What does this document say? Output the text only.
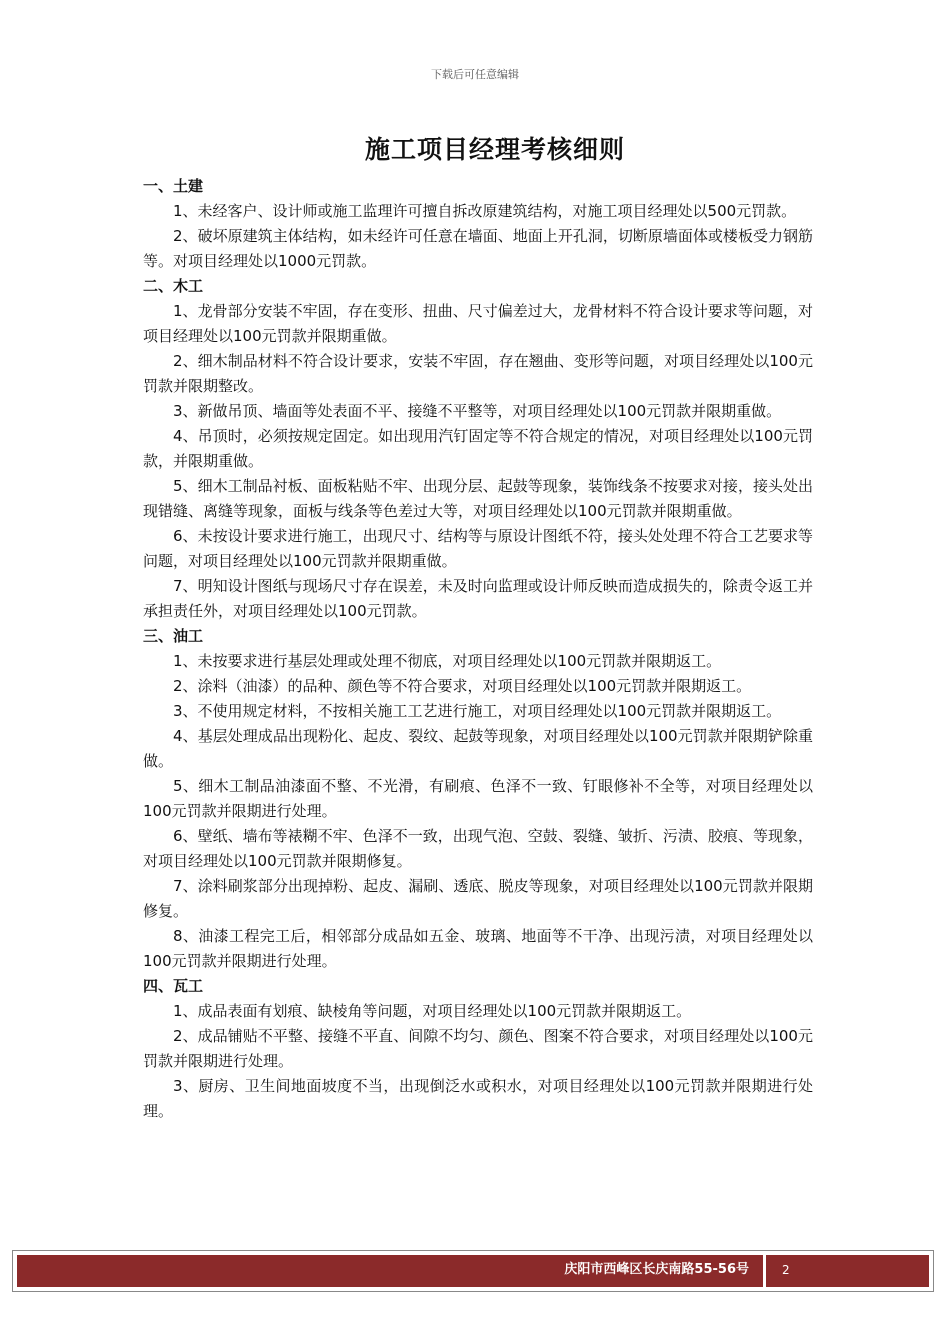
下载后可任意编辑
施工项目经理考核细则

一、土建

1、未经客户、设计师或施工监理许可擅自拆改原建筑结构，对施工项目经理处以500元罚款。

2、破坏原建筑主体结构，如未经许可任意在墙面、地面上开孔洞，切断原墙面体或楼板受力钢筋等。对项目经理处以1000元罚款。

二、木工

1、龙骨部分安装不牢固，存在变形、扭曲、尺寸偏差过大，龙骨材料不符合设计要求等问题，对项目经理处以100元罚款并限期重做。

2、细木制品材料不符合设计要求，安装不牢固，存在翘曲、变形等问题，对项目经理处以100元罚款并限期整改。

3、新做吊顶、墙面等处表面不平、接缝不平整等，对项目经理处以100元罚款并限期重做。

4、吊顶时，必须按规定固定。如出现用汽钉固定等不符合规定的情况，对项目经理处以100元罚款，并限期重做。

5、细木工制品衬板、面板粘贴不牢、出现分层、起鼓等现象，装饰线条不按要求对接，接头处出现错缝、离缝等现象，面板与线条等色差过大等，对项目经理处以100元罚款并限期重做。

6、未按设计要求进行施工，出现尺寸、结构等与原设计图纸不符，接头处处理不符合工艺要求等问题，对项目经理处以100元罚款并限期重做。

7、明知设计图纸与现场尺寸存在误差，未及时向监理或设计师反映而造成损失的，除责令返工并承担责任外，对项目经理处以100元罚款。

三、油工

1、未按要求进行基层处理或处理不彻底，对项目经理处以100元罚款并限期返工。

2、涂料（油漆）的品种、颜色等不符合要求，对项目经理处以100元罚款并限期返工。

3、不使用规定材料，不按相关施工工艺进行施工，对项目经理处以100元罚款并限期返工。

4、基层处理成品出现粉化、起皮、裂纹、起鼓等现象，对项目经理处以100元罚款并限期铲除重做。

5、细木工制品油漆面不整、不光滑，有刷痕、色泽不一致、钉眼修补不全等，对项目经理处以100元罚款并限期进行处理。

6、壁纸、墙布等裱糊不牢、色泽不一致，出现气泡、空鼓、裂缝、皱折、污渍、胶痕、等现象，对项目经理处以100元罚款并限期修复。

7、涂料刷浆部分出现掉粉、起皮、漏刷、透底、脱皮等现象，对项目经理处以100元罚款并限期修复。

8、油漆工程完工后，相邻部分成品如五金、玻璃、地面等不干净、出现污渍，对项目经理处以100元罚款并限期进行处理。

四、瓦工

1、成品表面有划痕、缺棱角等问题，对项目经理处以100元罚款并限期返工。

2、成品铺贴不平整、接缝不平直、间隙不均匀、颜色、图案不符合要求，对项目经理处以100元罚款并限期进行处理。

3、厨房、卫生间地面坡度不当，出现倒泛水或积水，对项目经理处以100元罚款并限期进行处理。

庆阳市西峰区长庆南路55-56号	2
